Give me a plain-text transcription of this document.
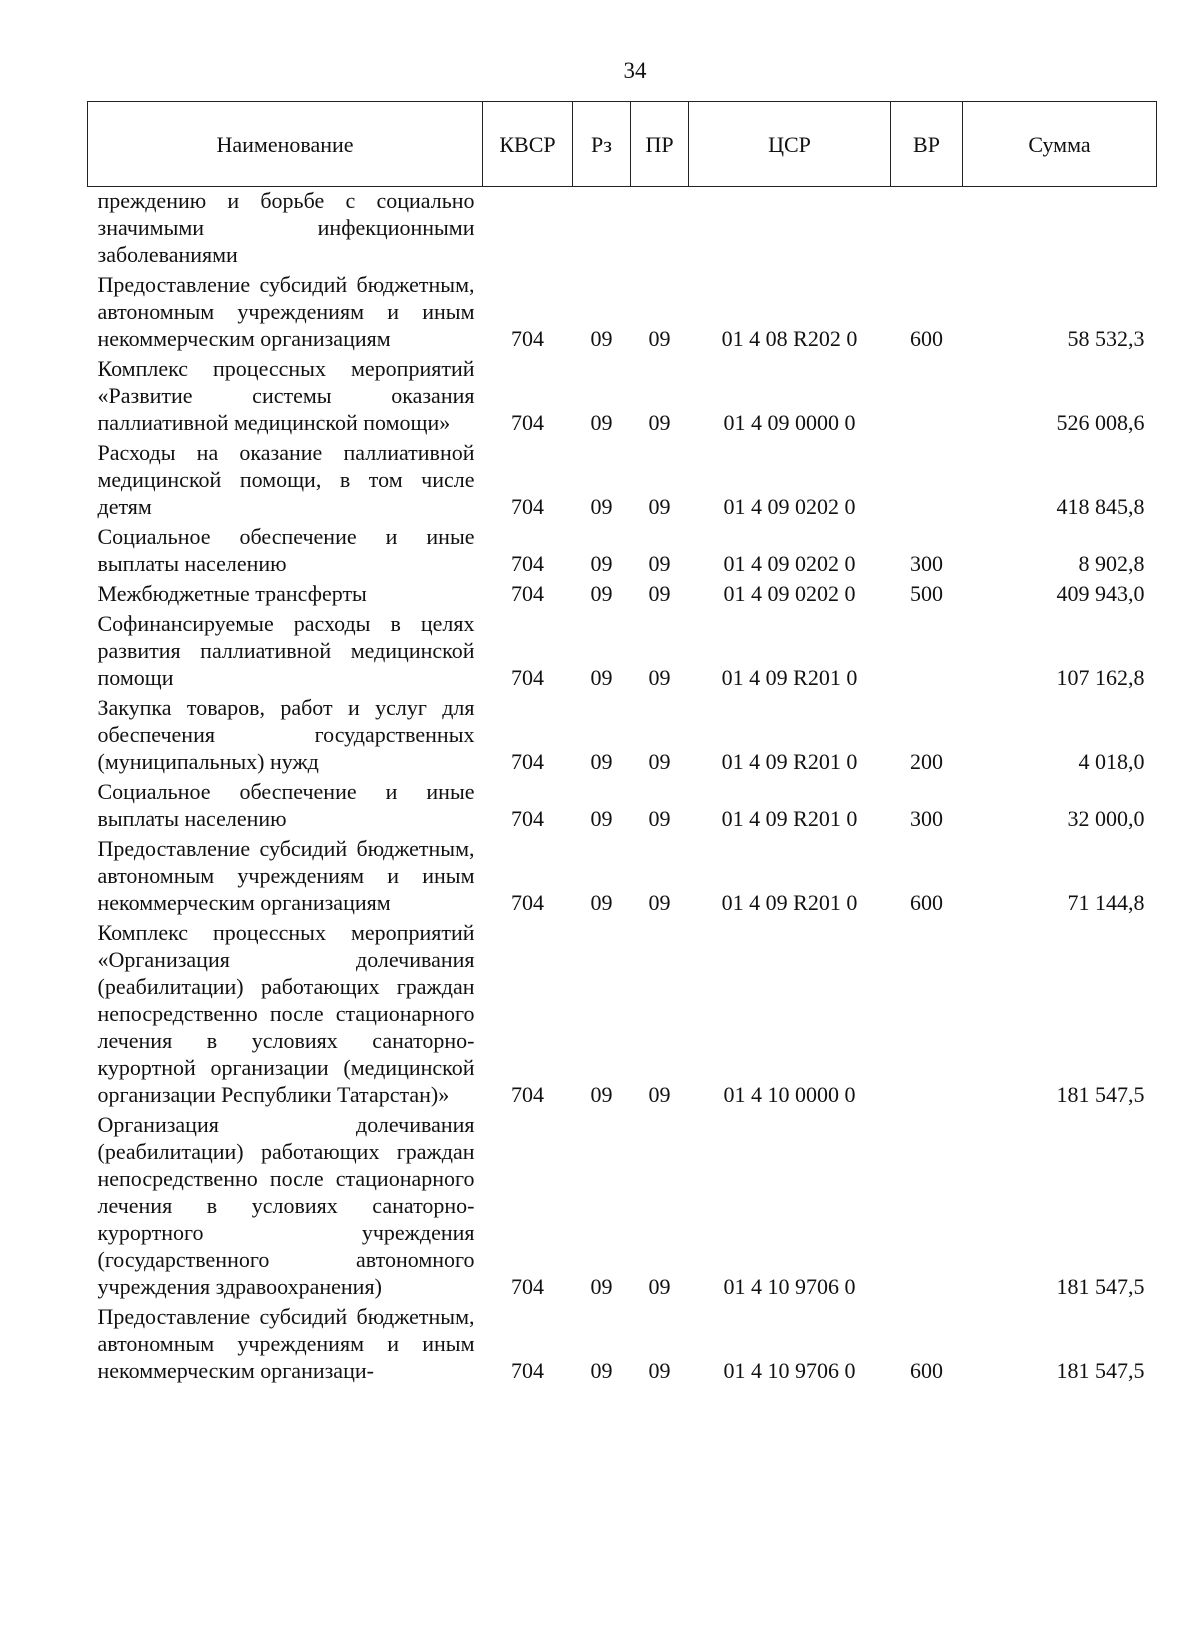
34
Наименование	КВСР	Рз	ПР	ЦСР	ВР	Сумма
преждению и борьбе с социально значимыми инфекционными заболеваниями						
Предоставление субсидий бюджетным, автономным учреждениям и иным некоммерческим организациям	704	09	09	01 4 08 R202 0	600	58 532,3
Комплекс процессных мероприятий «Развитие системы оказания паллиативной медицинской помощи»	704	09	09	01 4 09 0000 0		526 008,6
Расходы на оказание паллиативной медицинской помощи, в том числе детям	704	09	09	01 4 09 0202 0		418 845,8
Социальное обеспечение и иные выплаты населению	704	09	09	01 4 09 0202 0	300	8 902,8
Межбюджетные трансферты	704	09	09	01 4 09 0202 0	500	409 943,0
Софинансируемые расходы в целях развития паллиативной медицинской помощи	704	09	09	01 4 09 R201 0		107 162,8
Закупка товаров, работ и услуг для обеспечения государственных (муниципальных) нужд	704	09	09	01 4 09 R201 0	200	4 018,0
Социальное обеспечение и иные выплаты населению	704	09	09	01 4 09 R201 0	300	32 000,0
Предоставление субсидий бюджетным, автономным учреждениям и иным некоммерческим организациям	704	09	09	01 4 09 R201 0	600	71 144,8
Комплекс процессных мероприятий «Организация долечивания (реабилитации) работающих граждан непосредственно после стационарного лечения в условиях санаторно-курортной организации (медицинской организации Республики Татарстан)»	704	09	09	01 4 10 0000 0		181 547,5
Организация долечивания (реабилитации) работающих граждан непосредственно после стационарного лечения в условиях санаторно-курортного учреждения (государственного автономного учреждения здравоохранения)	704	09	09	01 4 10 9706 0		181 547,5
Предоставление субсидий бюджетным, автономным учреждениям и иным некоммерческим организаци-	704	09	09	01 4 10 9706 0	600	181 547,5
